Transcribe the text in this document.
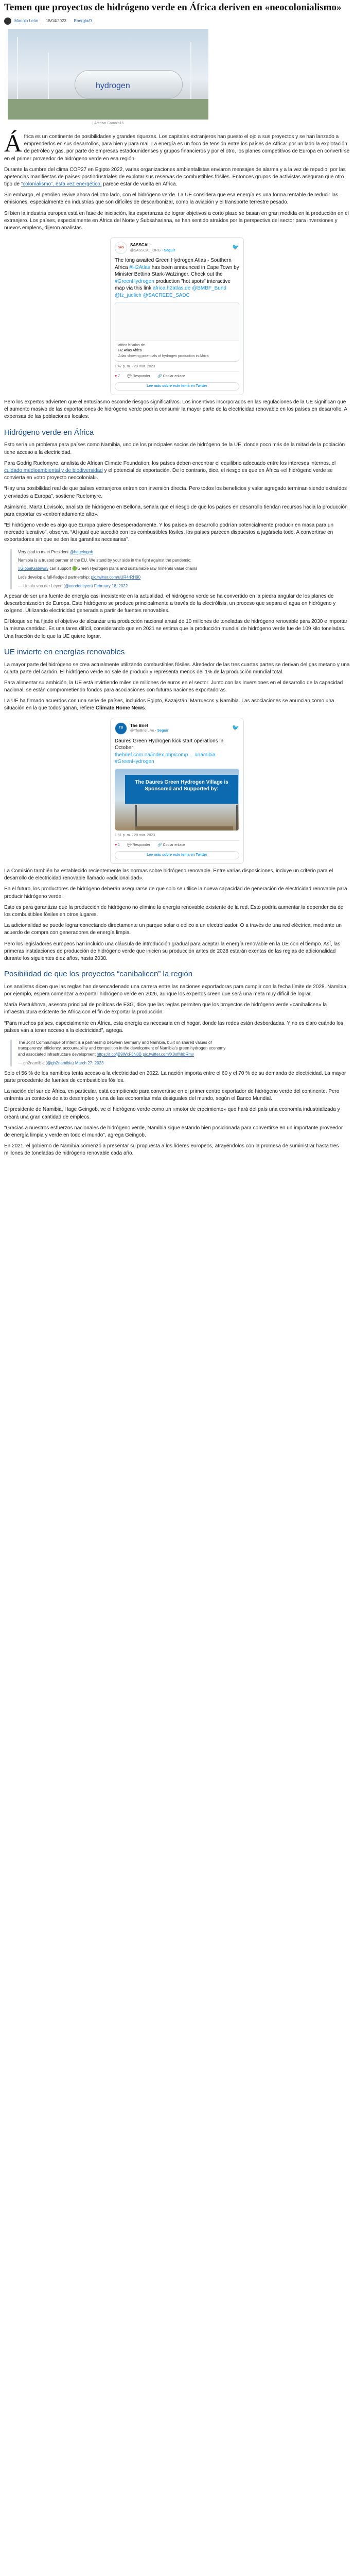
Temen que proyectos de hidrógeno verde en África deriven en «neocolonialismo»
Manolo León · 18/04/2023 · Energía/0
hydrogen
| Archivo Cambio16
Á frica es un continente de posibilidades y grandes riquezas. Los capitales extranjeros han puesto el ojo a sus proyectos y se han lanzado a emprenderlos en sus desarrollos, para bien y para mal. La energía es un foco de tensión entre los países de África: por un lado la explotación de petróleo y gas, por parte de empresas estadounidenses y grupos financieros y por el otro, los planes competitivos de Europa en convertirse en el primer proveedor de hidrógeno verde en esa región.

Durante la cumbre del clima COP27 en Egipto 2022, varias organizaciones ambientalistas enviaron mensajes de alarma y a la vez de repudio, por las apetencias manifiestas de países postindustriales de explotar sus reservas de combustibles fósiles. Entonces grupos de activistas aseguran que otro tipo de “colonialismo”, esta vez energético, parece estar de vuelta en África.

Sin embargo, el petróleo revive ahora del otro lado, con el hidrógeno verde. La UE considera que esa energía es una forma rentable de reducir las emisiones, especialmente en industrias que son difíciles de descarbonizar, como la aviación y el transporte terrestre pesado.

Si bien la industria europea está en fase de iniciación, las esperanzas de lograr objetivos a corto plazo se basan en gran medida en la producción en el extranjero. Los países, especialmente en África del Norte y Subsahariana, se han sentido atraídos por la perspectiva del sector para inversiones y nuevos empleos, dijeron analistas.

SAS
SASSCAL
@SASSCAL_ORG · Seguir
🐦
The long awaited Green Hydrogen Atlas - Southern Africa #H2Atlas has been announced in Cape Town by Minister Bettina Stark-Watzinger. Check out the #GreenHydrogen production "hot spots" interactive map via this link africa.h2atlas.de @BMBF_Bund @fz_juelich @SACREEE_SADC
africa.h2atlas.de
H2 Atlas Africa
Atlas showing potentials of hydrogen production in Africa
1:47 p. m. · 29 mar. 2023
♥ 7 💬 Responder 🔗 Copiar enlace
Lee más sobre este tema en Twitter

Pero los expertos advierten que el entusiasmo esconde riesgos significativos. Los incentivos incorporados en las regulaciones de la UE significan que el aumento masivo de las exportaciones de hidrógeno verde podría consumir la mayor parte de la electricidad renovable en los países en desarrollo. A expensas de las poblaciones locales.

Hidrógeno verde en África

Esto sería un problema para países como Namibia, uno de los principales socios de hidrógeno de la UE, donde poco más de la mitad de la población tiene acceso a la electricidad.

Para Godrig Ruelomyre, analista de African Climate Foundation, los países deben encontrar el equilibrio adecuado entre los intereses internos, el cuidado medioambiental y de biodiversidad y el potencial de exportación. De lo contrario, dice, el riesgo es que en África «el hidrógeno verde se convierta en «otro proyecto neocolonial».

“Hay una posibilidad real de que países extranjeros entren con inversión directa. Pero todos los beneficios y valor agregado terminan siendo extraídos y enviados a Europa”, sostiene Ruelomyre.

Asimismo, Marta Lovisolo, analista de hidrógeno en Bellona, señala que el riesgo de que los países en desarrollo tiendan recursos hacia la producción para exportar es «extremadamente alto».

“El hidrógeno verde es algo que Europa quiere desesperadamente. Y los países en desarrollo podrían potencialmente producir en masa para un mercado lucrativo”, observa. “Al igual que sucedió con los combustibles fósiles, los países parecen dispuestos a jugársela todo. A convertirse en exportadores sin que se den las garantías necesarias”.

Very glad to meet President @hageingob

Namibia is a trusted partner of the EU. We stand by your side in the fight against the pandemic:

#GlobalGateway can support 🟢Green Hydrogen plans and sustainable raw minerals value chains

Let's develop a full-fledged partnership: pic.twitter.com/uUR4rRH90

— Ursula von der Leyen (@vonderleyen) February 18, 2022

A pesar de ser una fuente de energía casi inexistente en la actualidad, el hidrógeno verde se ha convertido en la piedra angular de los planes de descarbonización de Europa. Este hidrógeno se produce principalmente a través de la electrólisis, un proceso que separa el agua en hidrógeno y oxígeno. Utilizando electricidad generada a partir de fuentes renovables.

El bloque se ha fijado el objetivo de alcanzar una producción nacional anual de 10 millones de toneladas de hidrógeno renovable para 2030 e importar la misma cantidad. Es una tarea difícil, considerando que en 2021 se estima que la producción mundial de hidrógeno verde fue de 109 kilo toneladas. Una fracción de lo que la UE quiere lograr.

UE invierte en energías renovables

La mayor parte del hidrógeno se crea actualmente utilizando combustibles fósiles. Alrededor de las tres cuartas partes se derivan del gas metano y una cuarta parte del carbón. El hidrógeno verde no sale de producir y representa menos del 1% de la producción mundial total.

Para alimentar su ambición, la UE está invirtiendo miles de millones de euros en el sector. Junto con las inversiones en el desarrollo de la capacidad nacional, se están comprometiendo fondos para asociaciones con futuras naciones exportadoras.

La UE ha firmado acuerdos con una serie de países, incluidos Egipto, Kazajstán, Marruecos y Namibia. Las asociaciones se anuncian como una situación en la que todos ganan, refiere Climate Home News.

TB
The Brief
@TheBriefLive · Seguir
🐦
Daures Green Hydrogen kick start operations in October
thebrief.com.na/index.php/comp… #namibia #GreenHydrogen
The Daures Green Hydrogen Village is Sponsored and Supported by:
1:51 p. m. · 28 mar. 2023
♥ 1 💬 Responder 🔗 Copiar enlace
Lee más sobre este tema en Twitter

La Comisión también ha establecido recientemente las normas sobre hidrógeno renovable. Entre varias disposiciones, incluye un criterio para el desarrollo de electricidad renovable llamado «adicionalidad».

En el futuro, los productores de hidrógeno deberán asegurarse de que solo se utilice la nueva capacidad de generación de electricidad renovable para producir hidrógeno verde.

Esto es para garantizar que la producción de hidrógeno no elimine la energía renovable existente de la red. Esto podría aumentar la dependencia de los combustibles fósiles en otros lugares.

La adicionalidad se puede lograr conectando directamente un parque solar o eólico a un electrolizador. O a través de una red eléctrica, mediante un acuerdo de compra con generadores de energía limpia.

Pero los legisladores europeos han incluido una cláusula de introducción gradual para aceptar la energía renovable en la UE con el tiempo. Así, las primeras instalaciones de producción de hidrógeno verde que inicien su producción antes de 2028 estarán exentas de las reglas de adicionalidad durante los siguientes diez años, hasta 2038.

Posibilidad de que los proyectos “canibalicen” la región

Los analistas dicen que las reglas han desencadenado una carrera entre las naciones exportadoras para cumplir con la fecha límite de 2028. Namibia, por ejemplo, espera comenzar a exportar hidrógeno verde en 2026, aunque los expertos creen que será una meta muy difícil de lograr.

María Pastukhova, asesora principal de políticas de E3G, dice que las reglas permiten que los proyectos de hidrógeno verde «canibalicen» la infraestructura existente de África con el fin de exportar la producción.

“Para muchos países, especialmente en África, esta energía es necesaria en el hogar, donde las redes están desbordadas. Y no es claro cuándo los países van a tener acceso a la electricidad”, agrega.

The Joint Communiqué of Intent is a partnership between Germany and Namibia, built on shared values of transparency, efficiency, accountability and competition in the development of Namibia’s green hydrogen economy and associated infrastructure development https://t.co/jB9WxF3N0B pic.twitter.com/X0nfMrbRmv

— gh2namibia (@gh2namibia) March 27, 2023

Solo el 56 % de los namibios tenía acceso a la electricidad en 2022. La nación importa entre el 60 y el 70 % de su demanda de electricidad. La mayor parte procedente de fuentes de combustibles fósiles.

La nación del sur de África, en particular, está compitiendo para convertirse en el primer centro exportador de hidrógeno verde del continente. Pero enfrenta un contexto de alto desempleo y una de las economías más desiguales del mundo, según el Banco Mundial.

El presidente de Namibia, Hage Geingob, ve el hidrógeno verde como un «motor de crecimiento» que hará del país una economía industrializada y creará una gran cantidad de empleos.

“Gracias a nuestros esfuerzos nacionales de hidrógeno verde, Namibia sigue estando bien posicionada para convertirse en un importante proveedor de energía limpia y verde en todo el mundo”, agrega Geingob.

En 2021, el gobierno de Namibia comenzó a presentar su propuesta a los líderes europeos, atrayéndolos con la promesa de suministrar hasta tres millones de toneladas de hidrógeno renovable cada año.
